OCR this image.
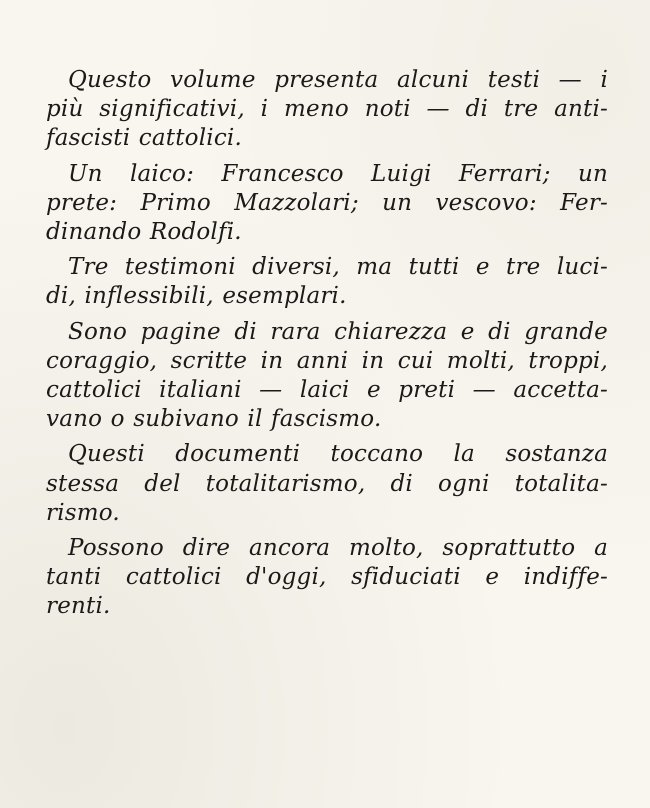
Questo volume presenta alcuni testi — i
più significativi, i meno noti — di tre anti-
fascisti cattolici.

Un laico: Francesco Luigi Ferrari; un
prete: Primo Mazzolari; un vescovo: Fer-
dinando Rodolfi.

Tre testimoni diversi, ma tutti e tre luci-
di, inflessibili, esemplari.

Sono pagine di rara chiarezza e di grande
coraggio, scritte in anni in cui molti, troppi,
cattolici italiani — laici e preti — accetta-
vano o subivano il fascismo.

Questi documenti toccano la sostanza
stessa del totalitarismo, di ogni totalita-
rismo.

Possono dire ancora molto, soprattutto a
tanti cattolici d'oggi, sfiduciati e indiffe-
renti.
